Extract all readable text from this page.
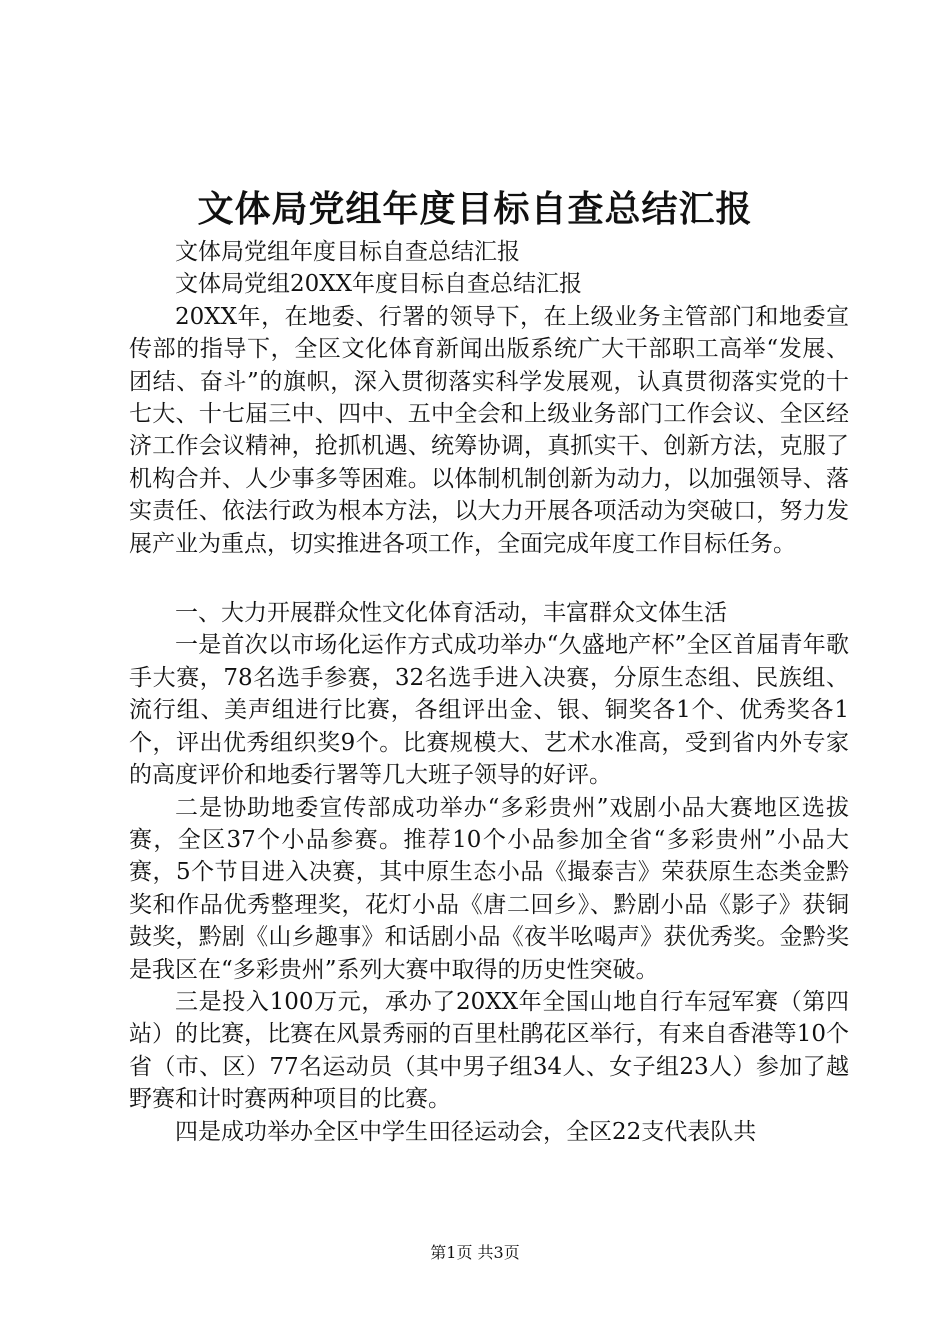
文体局党组年度目标自查总结汇报

文体局党组年度目标自查总结汇报

文体局党组20XX年度目标自查总结汇报

20XX年，在地委、行署的领导下，在上级业务主管部门和地委宣传部的指导下，全区文化体育新闻出版系统广大干部职工高举“发展、团结、奋斗”的旗帜，深入贯彻落实科学发展观，认真贯彻落实党的十七大、十七届三中、四中、五中全会和上级业务部门工作会议、全区经济工作会议精神，抢抓机遇、统筹协调，真抓实干、创新方法，克服了机构合并、人少事多等困难。以体制机制创新为动力，以加强领导、落实责任、依法行政为根本方法，以大力开展各项活动为突破口，努力发展产业为重点，切实推进各项工作，全面完成年度工作目标任务。

一、大力开展群众性文化体育活动，丰富群众文体生活

一是首次以市场化运作方式成功举办“久盛地产杯”全区首届青年歌手大赛，78名选手参赛，32名选手进入决赛，分原生态组、民族组、流行组、美声组进行比赛，各组评出金、银、铜奖各1个、优秀奖各1个，评出优秀组织奖9个。比赛规模大、艺术水准高，受到省内外专家的高度评价和地委行署等几大班子领导的好评。

二是协助地委宣传部成功举办“多彩贵州”戏剧小品大赛地区选拔赛，全区37个小品参赛。推荐10个小品参加全省“多彩贵州”小品大赛，5个节目进入决赛，其中原生态小品《撮泰吉》荣获原生态类金黔奖和作品优秀整理奖，花灯小品《唐二回乡》、黔剧小品《影子》获铜鼓奖，黔剧《山乡趣事》和话剧小品《夜半吆喝声》获优秀奖。金黔奖是我区在“多彩贵州”系列大赛中取得的历史性突破。

三是投入100万元，承办了20XX年全国山地自行车冠军赛（第四站）的比赛，比赛在风景秀丽的百里杜鹃花区举行，有来自香港等10个省（市、区）77名运动员（其中男子组34人、女子组23人）参加了越野赛和计时赛两种项目的比赛。

四是成功举办全区中学生田径运动会，全区22支代表队共

第1页 共3页
